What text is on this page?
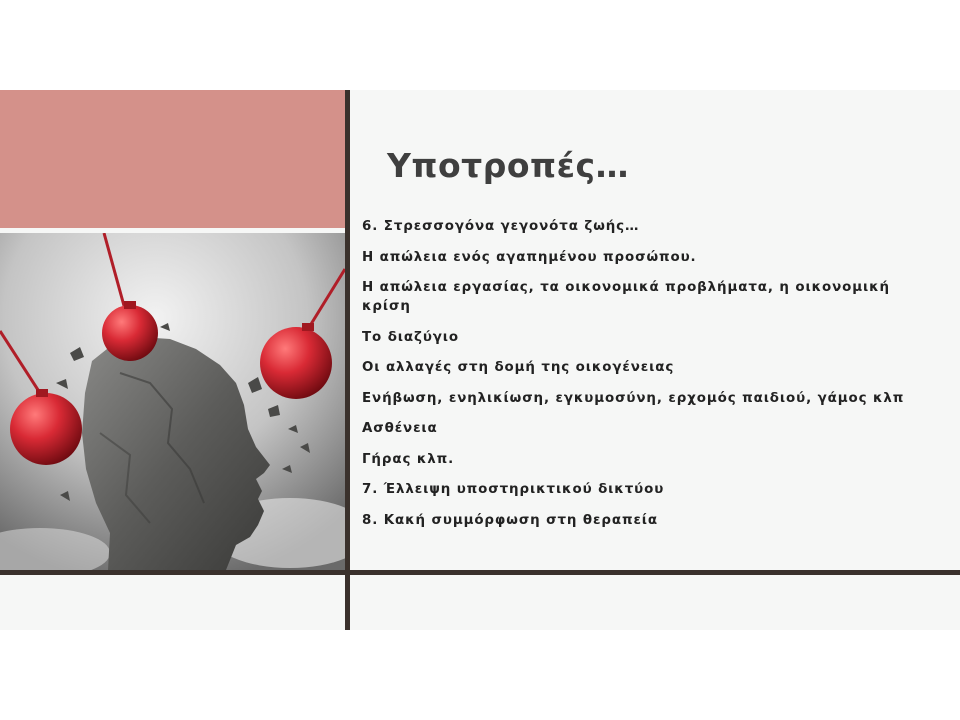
Υποτροπές…
6. Στρεσσογόνα γεγονότα ζωής…
Η απώλεια ενός αγαπημένου προσώπου.
Η απώλεια εργασίας, τα οικονομικά προβλήματα, η οικονομική κρίση
Το διαζύγιο
Οι αλλαγές στη δομή της οικογένειας
Ενήβωση, ενηλικίωση, εγκυμοσύνη, ερχομός παιδιού, γάμος κλπ
Ασθένεια
Γήρας κλπ.
7. Έλλειψη υποστηρικτικού δικτύου
8. Κακή συμμόρφωση στη θεραπεία
